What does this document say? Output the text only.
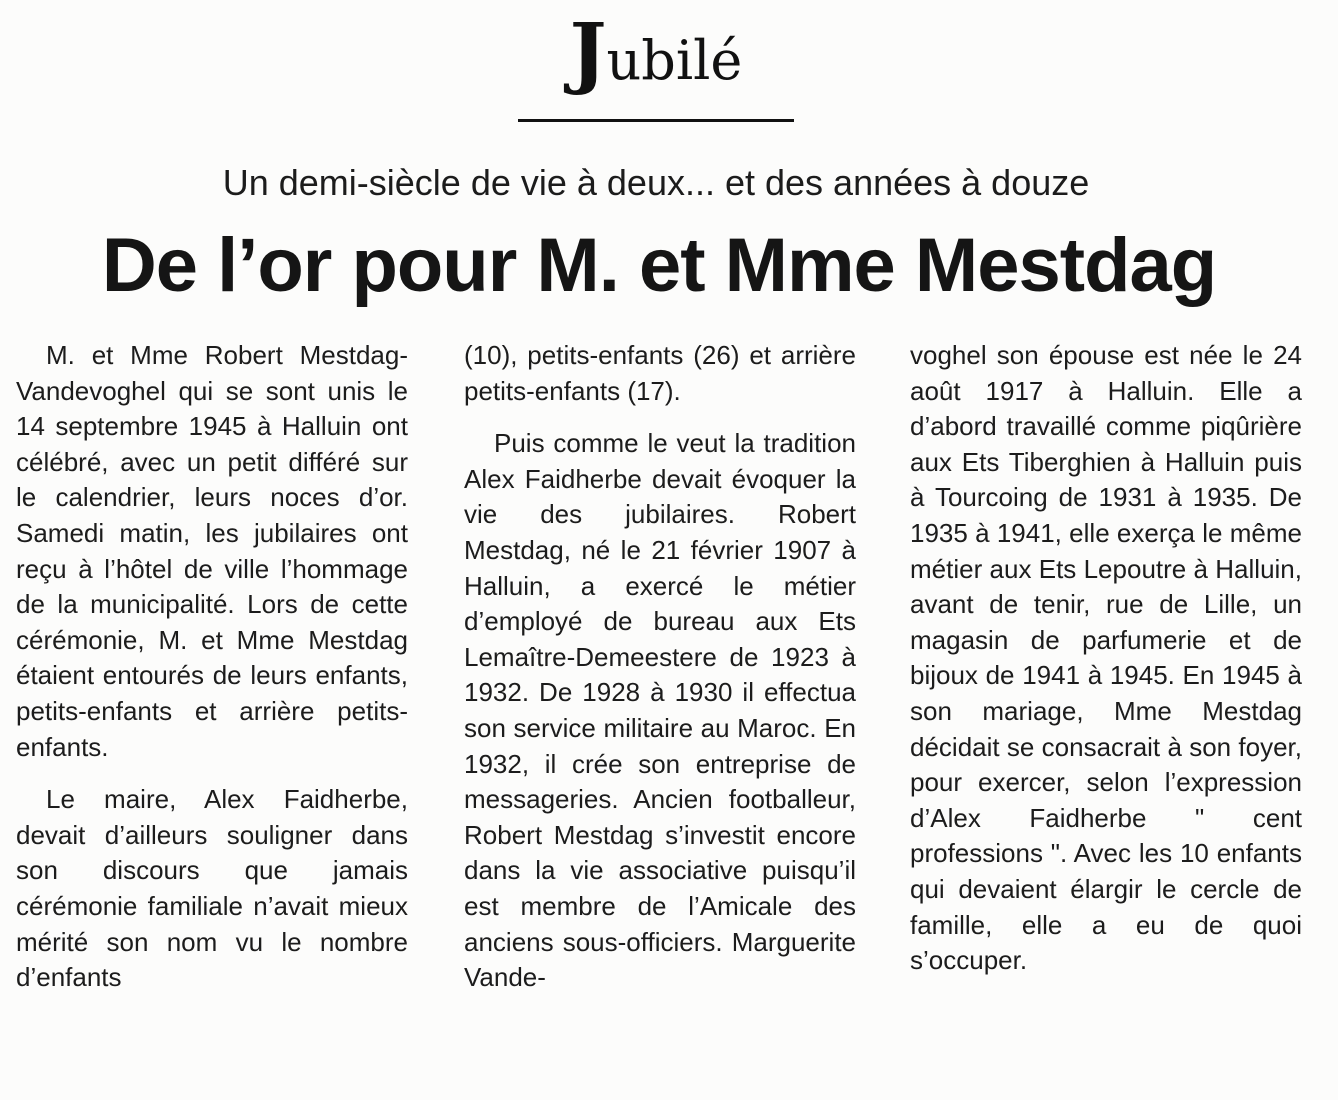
Jubilé
Un demi-siècle de vie à deux... et des années à douze
De l’or pour M. et Mme Mestdag

M. et Mme Robert Mestdag-Vandevoghel qui se sont unis le 14 septembre 1945 à Halluin ont célébré, avec un petit différé sur le calendrier, leurs noces d’or. Samedi matin, les jubilaires ont reçu à l’hôtel de ville l’hommage de la municipalité. Lors de cette cérémonie, M. et Mme Mestdag étaient entourés de leurs enfants, petits-enfants et arrière petits-enfants.

Le maire, Alex Faidherbe, devait d’ailleurs souligner dans son discours que jamais cérémonie familiale n’avait mieux mérité son nom vu le nombre d’enfants

(10), petits-enfants (26) et arrière petits-enfants (17).

Puis comme le veut la tradition Alex Faidherbe devait évoquer la vie des jubilaires. Robert Mestdag, né le 21 février 1907 à Halluin, a exercé le métier d’employé de bureau aux Ets Lemaître-Demeestere de 1923 à 1932. De 1928 à 1930 il effectua son service militaire au Maroc. En 1932, il crée son entreprise de messageries. Ancien footballeur, Robert Mestdag s’investit encore dans la vie associative puisqu’il est membre de l’Amicale des anciens sous-officiers. Marguerite Vande-

voghel son épouse est née le 24 août 1917 à Halluin. Elle a d’abord travaillé comme piqûrière aux Ets Tiberghien à Halluin puis à Tourcoing de 1931 à 1935. De 1935 à 1941, elle exerça le même métier aux Ets Lepoutre à Halluin, avant de tenir, rue de Lille, un magasin de parfumerie et de bijoux de 1941 à 1945. En 1945 à son mariage, Mme Mestdag décidait se consacrait à son foyer, pour exercer, selon l’expression d’Alex Faidherbe " cent professions ". Avec les 10 enfants qui devaient élargir le cercle de famille, elle a eu de quoi s’occuper.
